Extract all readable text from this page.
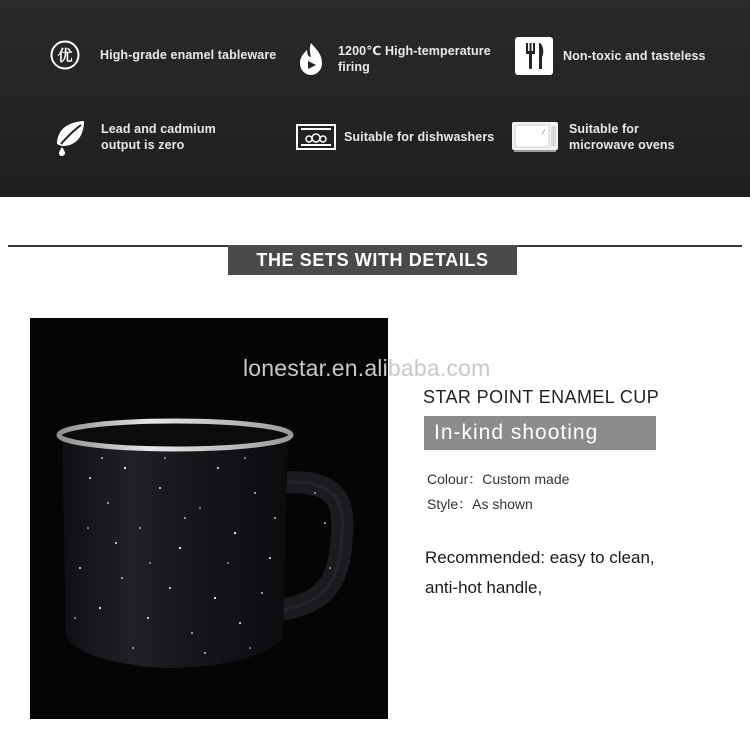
优 High-grade enamel tableware	1200℃ High-temperature
firing
Non-toxic and tasteless
Lead and cadmium
output is zero
Suitable for dishwashers
Suitable for
microwave ovens
THE SETS WITH DETAILS
lonestar.en.alibaba.com
STAR POINT ENAMEL CUP
In-kind shooting
Colour：Custom made
Style：As shown
Recommended: easy to clean,
anti-hot handle,
